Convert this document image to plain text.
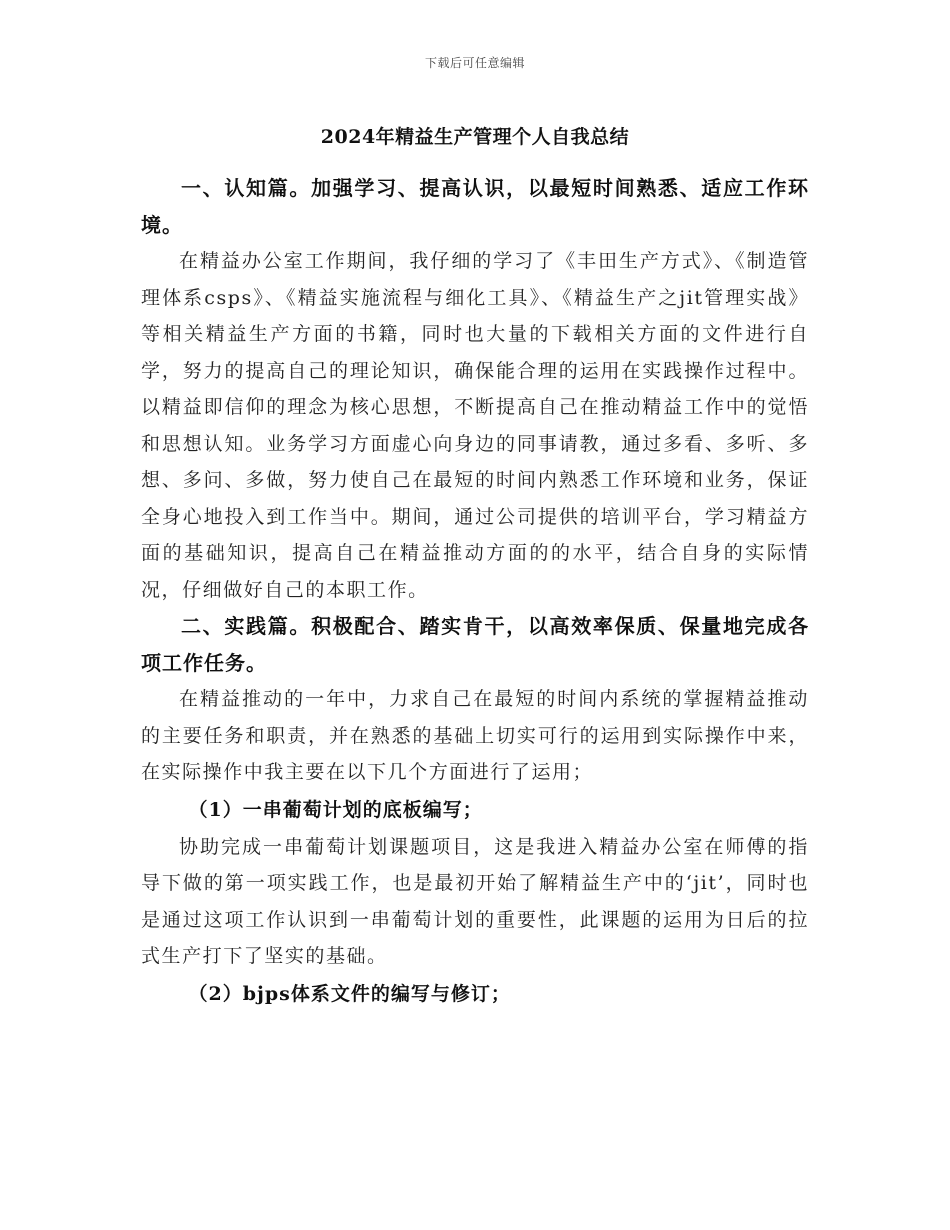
下载后可任意编辑
2024年精益生产管理个人自我总结

一、认知篇。加强学习、提高认识，以最短时间熟悉、适应工作环境。

在精益办公室工作期间，我仔细的学习了《丰田生产方式》、《制造管理体系csps》、《精益实施流程与细化工具》、《精益生产之jit管理实战》等相关精益生产方面的书籍，同时也大量的下载相关方面的文件进行自学，努力的提高自己的理论知识，确保能合理的运用在实践操作过程中。以精益即信仰的理念为核心思想，不断提高自己在推动精益工作中的觉悟和思想认知。业务学习方面虚心向身边的同事请教，通过多看、多听、多想、多问、多做，努力使自己在最短的时间内熟悉工作环境和业务，保证全身心地投入到工作当中。期间，通过公司提供的培训平台，学习精益方面的基础知识，提高自己在精益推动方面的的水平，结合自身的实际情况，仔细做好自己的本职工作。

二、实践篇。积极配合、踏实肯干，以高效率保质、保量地完成各项工作任务。

在精益推动的一年中，力求自己在最短的时间内系统的掌握精益推动的主要任务和职责，并在熟悉的基础上切实可行的运用到实际操作中来，在实际操作中我主要在以下几个方面进行了运用；

（1）一串葡萄计划的底板编写；

协助完成一串葡萄计划课题项目，这是我进入精益办公室在师傅的指导下做的第一项实践工作，也是最初开始了解精益生产中的‘jit’，同时也是通过这项工作认识到一串葡萄计划的重要性，此课题的运用为日后的拉式生产打下了坚实的基础。

（2）bjps体系文件的编写与修订；
